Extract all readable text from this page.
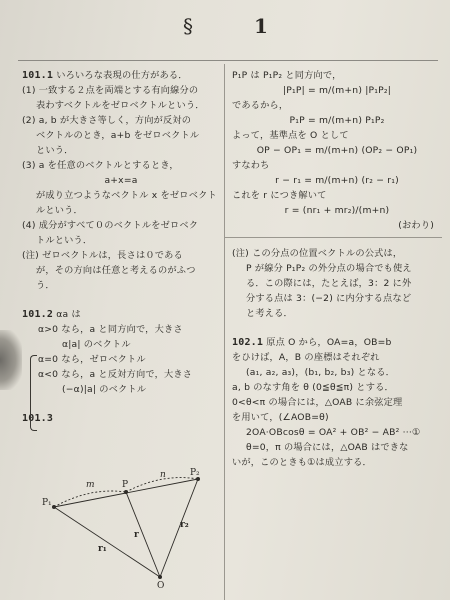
§	1

101.1 いろいろな表現の仕方がある．

(1) 一致する２点を両端とする有向線分の

表わすベクトルをゼロベクトルという．

(2) a, b が大きさ等しく，方向が反対の

ベクトルのとき，a+b をゼロベクトル

という．

(3) a を任意のベクトルとするとき，

a+x=a

が成り立つようなベクトル x をゼロベクト

ルという．

(4) 成分がすべて０のベクトルをゼロベク

トルという．

(注) ゼロベクトルは，長さは０である

が，その方向は任意と考えるのがふつ

う．

101.2 αa は

α>0 なら，a と同方向で，大きさ

α|a| のベクトル

α=0 なら，ゼロベクトル

α<0 なら，a と反対方向で，大きさ

(−α)|a| のベクトル

101.3

P₁
P
P₂
O
m
n
r₁
r
r₂

P₁P は P₁P₂ と同方向で，

|P₁P| = m/(m+n) |P₁P₂|

であるから，

P₁P = m/(m+n) P₁P₂

よって，基準点を O として

OP − OP₁ = m/(m+n) (OP₂ − OP₁)

すなわち

r − r₁ = m/(m+n) (r₂ − r₁)

これを r につき解いて

r = (nr₁ + mr₂)/(m+n)

(おわり)

(注) この分点の位置ベクトルの公式は，

P が線分 P₁P₂ の外分点の場合でも使え

る．この際には，たとえば，3：2 に外

分する点は 3：(−2) に内分する点など

と考える．

102.1 原点 O から，OA=a，OB=b

をひけば，A，B の座標はそれぞれ

(a₁, a₂, a₃)，(b₁, b₂, b₃) となる．

a, b のなす角を θ (0≦θ≦π) とする．

0<θ<π の場合には，△OAB に余弦定理

を用いて，(∠AOB=θ)

2OA·OBcosθ = OA² + OB² − AB² ···①

θ=0，π の場合には，△OAB はできな

いが，このときも①は成立する．
